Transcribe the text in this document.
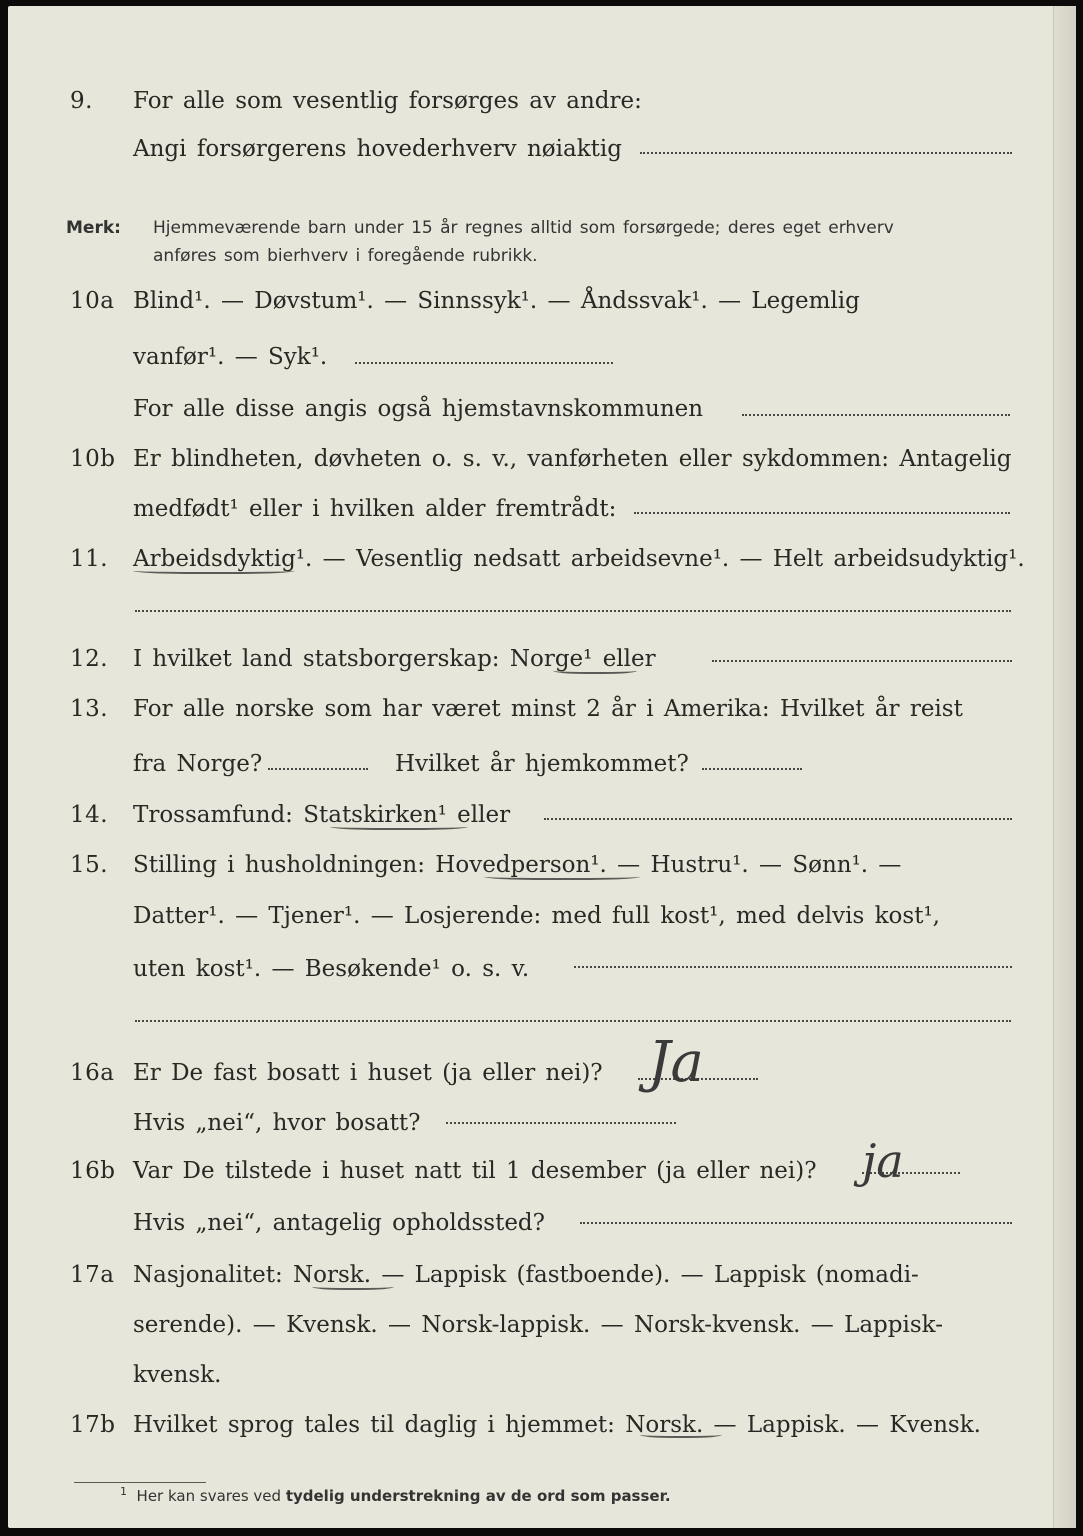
9. For alle som vesentlig forsørges av andre:
Angi forsørgerens hovederhverv nøiaktig
Merk: Hjemmeværende barn under 15 år regnes alltid som forsørgede; deres eget erhverv
anføres som bierhverv i foregående rubrikk.
10a Blind¹. — Døvstum¹. — Sinnssyk¹. — Åndssvak¹. — Legemlig
vanfør¹. — Syk¹.
For alle disse angis også hjemstavnskommunen
10b Er blindheten, døvheten o. s. v., vanførheten eller sykdommen: Antagelig
medfødt¹ eller i hvilken alder fremtrådt:
11. Arbeidsdyktig¹. — Vesentlig nedsatt arbeidsevne¹. — Helt arbeidsudyktig¹.
12. I hvilket land statsborgerskap: Norge¹ eller
13. For alle norske som har været minst 2 år i Amerika: Hvilket år reist
fra Norge?	Hvilket år hjemkommet?
14. Trossamfund: Statskirken¹ eller
15. Stilling i husholdningen: Hovedperson¹. — Hustru¹. — Sønn¹. —
Datter¹. — Tjener¹. — Losjerende: med full kost¹, med delvis kost¹,
uten kost¹. — Besøkende¹ o. s. v.
16a Er De fast bosatt i huset (ja eller nei)? Ja
Hvis „nei“, hvor bosatt?
16b Var De tilstede i huset natt til 1 desember (ja eller nei)? ja
Hvis „nei“, antagelig opholdssted?
17a Nasjonalitet: Norsk. — Lappisk (fastboende). — Lappisk (nomadi-
serende). — Kvensk. — Norsk-lappisk. — Norsk-kvensk. — Lappisk-
kvensk.
17b Hvilket sprog tales til daglig i hjemmet: Norsk. — Lappisk. — Kvensk.
$^1$ Her kan svares ved tydelig understrekning av de ord som passer.
